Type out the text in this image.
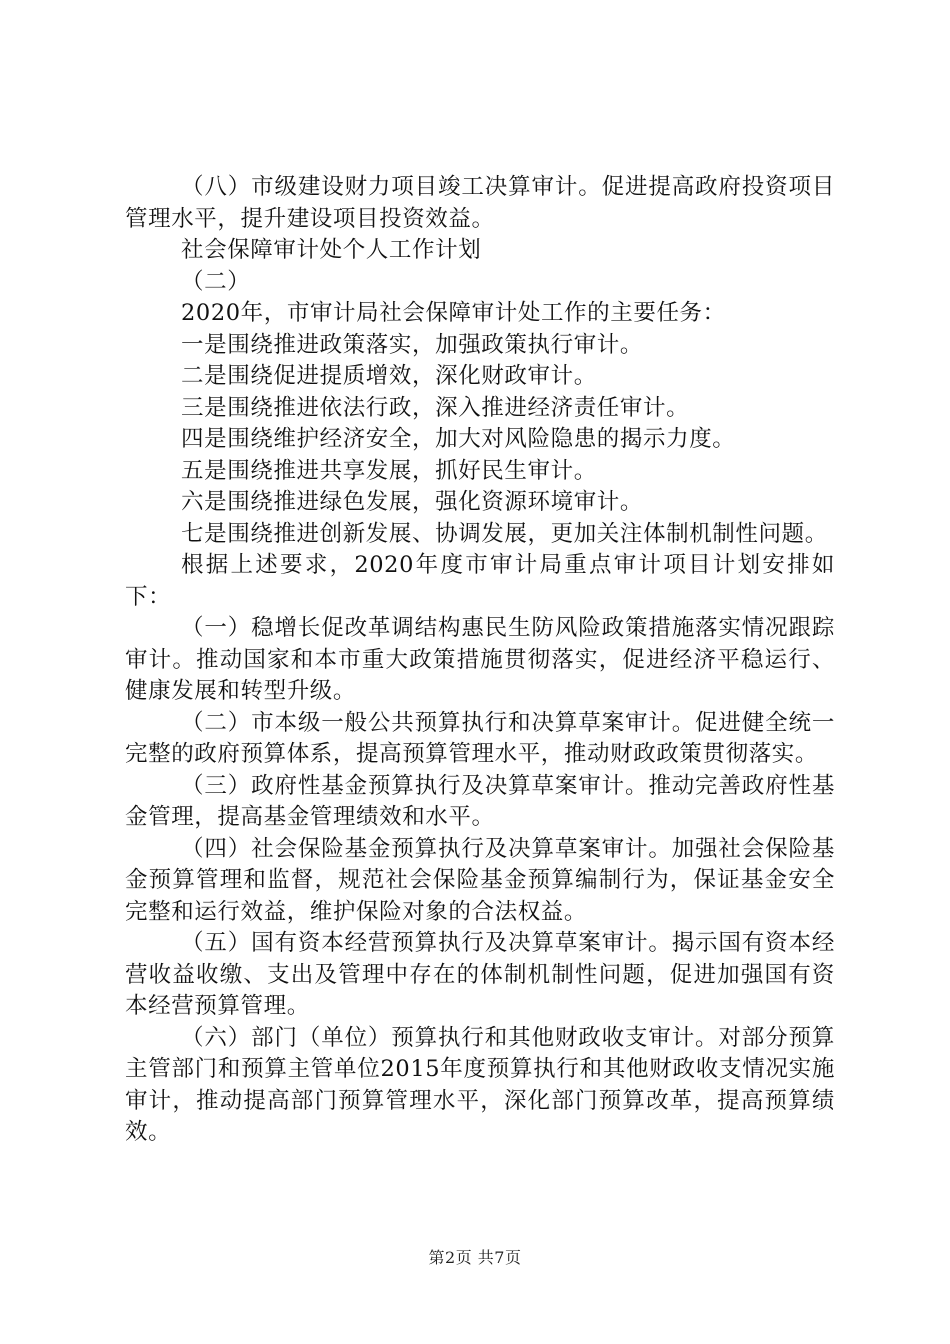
（八）市级建设财力项目竣工决算审计。促进提高政府投资项目管理水平，提升建设项目投资效益。

社会保障审计处个人工作计划

（二）

2020年，市审计局社会保障审计处工作的主要任务：

一是围绕推进政策落实，加强政策执行审计。

二是围绕促进提质增效，深化财政审计。

三是围绕推进依法行政，深入推进经济责任审计。

四是围绕维护经济安全，加大对风险隐患的揭示力度。

五是围绕推进共享发展，抓好民生审计。

六是围绕推进绿色发展，强化资源环境审计。

七是围绕推进创新发展、协调发展，更加关注体制机制性问题。

根据上述要求，2020年度市审计局重点审计项目计划安排如下：

（一）稳增长促改革调结构惠民生防风险政策措施落实情况跟踪审计。推动国家和本市重大政策措施贯彻落实，促进经济平稳运行、健康发展和转型升级。

（二）市本级一般公共预算执行和决算草案审计。促进健全统一完整的政府预算体系，提高预算管理水平，推动财政政策贯彻落实。

（三）政府性基金预算执行及决算草案审计。推动完善政府性基金管理，提高基金管理绩效和水平。

（四）社会保险基金预算执行及决算草案审计。加强社会保险基金预算管理和监督，规范社会保险基金预算编制行为，保证基金安全完整和运行效益，维护保险对象的合法权益。

（五）国有资本经营预算执行及决算草案审计。揭示国有资本经营收益收缴、支出及管理中存在的体制机制性问题，促进加强国有资本经营预算管理。

（六）部门（单位）预算执行和其他财政收支审计。对部分预算主管部门和预算主管单位2015年度预算执行和其他财政收支情况实施审计，推动提高部门预算管理水平，深化部门预算改革，提高预算绩效。

第2页 共7页
